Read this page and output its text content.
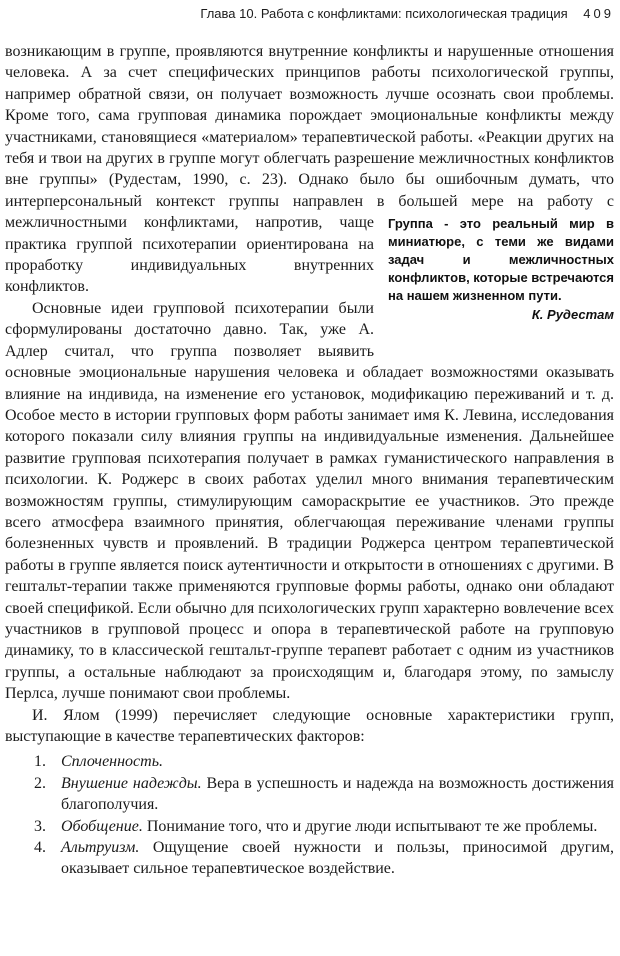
Глава 10. Работа с конфликтами: психологическая традиция 409

возникающим в группе, проявляются внутренние конфликты и нарушенные отношения человека. А за счет специфических принципов работы психологической группы, например обратной связи, он получает возможность лучше осознать свои проблемы. Кроме того, сама групповая динамика порождает эмоциональные конфликты между участниками, становящиеся «материалом» терапевтической работы. «Реакции других на тебя и твои на других в группе могут облегчать разрешение межличностных конфликтов вне группы» (Рудестам, 1990, с. 23). Однако было бы ошибочным думать, что интерперсональный контекст группы направлен в большей мере на работу с межличностными конфликтами, напротив, чаще Группа - это реальный мир в миниатюре, с теми же видами задач и межличностных конфликтов, которые встречаются на нашем жизненном пути.
К. Рудестам
практика группой психотерапии ориентирована на проработку индивидуальных внутренних конфликтов.

Основные идеи групповой психотерапии были сформулированы достаточно давно. Так, уже А. Адлер считал, что группа позволяет выявить основные эмоциональные нарушения человека и обладает возможностями оказывать влияние на индивида, на изменение его установок, модификацию переживаний и т. д. Особое место в истории групповых форм работы занимает имя К. Левина, исследования которого показали силу влияния группы на индивидуальные изменения. Дальнейшее развитие групповая психотерапия получает в рамках гуманистического направления в психологии. К. Роджерс в своих работах уделил много внимания терапевтическим возможностям группы, стимулирующим самораскрытие ее участников. Это прежде всего атмосфера взаимного принятия, облегчающая переживание членами группы болезненных чувств и проявлений. В традиции Роджерса центром терапевтической работы в группе является поиск аутентичности и открытости в отношениях с другими. В гештальт-терапии также применяются групповые формы работы, однако они обладают своей спецификой. Если обычно для психологических групп характерно вовлечение всех участников в групповой процесс и опора в терапевтической работе на групповую динамику, то в классической гештальт-группе терапевт работает с одним из участников группы, а остальные наблюдают за происходящим и, благодаря этому, по замыслу Перлса, лучше понимают свои проблемы.

И. Ялом (1999) перечисляет следующие основные характеристики групп, выступающие в качестве терапевтических факторов:

1. Сплоченность.
2. Внушение надежды. Вера в успешность и надежда на возможность достижения благополучия.
3. Обобщение. Понимание того, что и другие люди испытывают те же проблемы.
4. Альтруизм. Ощущение своей нужности и пользы, приносимой другим, оказывает сильное терапевтическое воздействие.
